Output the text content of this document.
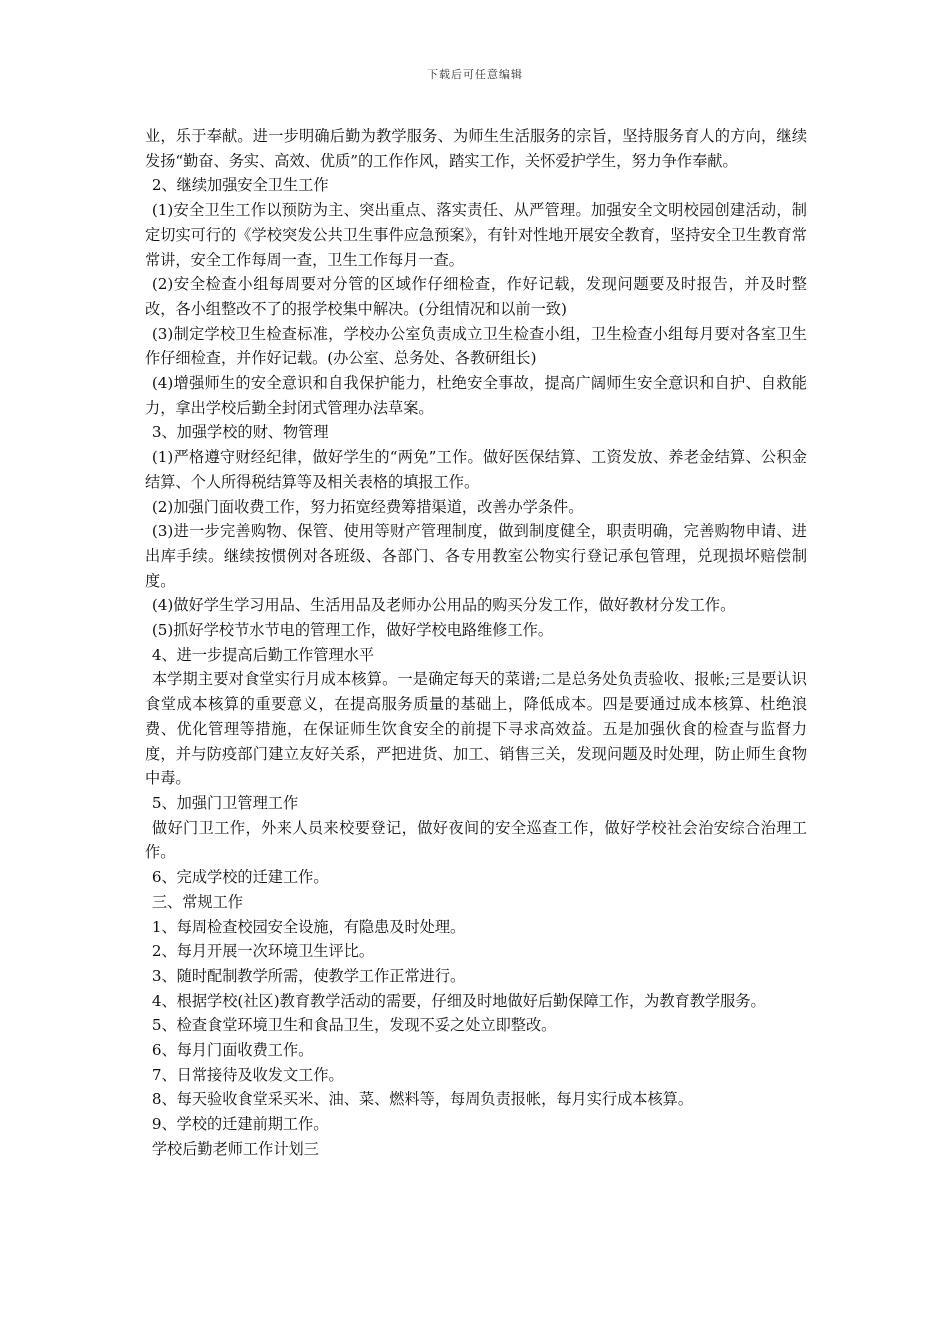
下载后可任意编辑

业，乐于奉献。进一步明确后勤为教学服务、为师生生活服务的宗旨，坚持服务育人的方向，继续发扬“勤奋、务实、高效、优质”的工作作风，踏实工作，关怀爱护学生，努力争作奉献。

2、继续加强安全卫生工作

(1)安全卫生工作以预防为主、突出重点、落实责任、从严管理。加强安全文明校园创建活动，制定切实可行的《学校突发公共卫生事件应急预案》，有针对性地开展安全教育，坚持安全卫生教育常常讲，安全工作每周一查，卫生工作每月一查。

(2)安全检查小组每周要对分管的区域作仔细检查，作好记载，发现问题要及时报告，并及时整改，各小组整改不了的报学校集中解决。(分组情况和以前一致)

(3)制定学校卫生检查标准，学校办公室负责成立卫生检查小组，卫生检查小组每月要对各室卫生作仔细检查，并作好记载。(办公室、总务处、各教研组长)

(4)增强师生的安全意识和自我保护能力，杜绝安全事故，提高广阔师生安全意识和自护、自救能力，拿出学校后勤全封闭式管理办法草案。

3、加强学校的财、物管理

(1)严格遵守财经纪律，做好学生的“两免”工作。做好医保结算、工资发放、养老金结算、公积金结算、个人所得税结算等及相关表格的填报工作。

(2)加强门面收费工作，努力拓宽经费筹措渠道，改善办学条件。

(3)进一步完善购物、保管、使用等财产管理制度，做到制度健全，职责明确，完善购物申请、进出库手续。继续按惯例对各班级、各部门、各专用教室公物实行登记承包管理，兑现损坏赔偿制度。

(4)做好学生学习用品、生活用品及老师办公用品的购买分发工作，做好教材分发工作。

(5)抓好学校节水节电的管理工作，做好学校电路维修工作。

4、进一步提高后勤工作管理水平

本学期主要对食堂实行月成本核算。一是确定每天的菜谱;二是总务处负责验收、报帐;三是要认识食堂成本核算的重要意义，在提高服务质量的基础上，降低成本。四是要通过成本核算、杜绝浪费、优化管理等措施，在保证师生饮食安全的前提下寻求高效益。五是加强伙食的检查与监督力度，并与防疫部门建立友好关系，严把进货、加工、销售三关，发现问题及时处理，防止师生食物中毒。

5、加强门卫管理工作

做好门卫工作，外来人员来校要登记，做好夜间的安全巡查工作，做好学校社会治安综合治理工作。

6、完成学校的迁建工作。

三、常规工作

1、每周检查校园安全设施，有隐患及时处理。

2、每月开展一次环境卫生评比。

3、随时配制教学所需，使教学工作正常进行。

4、根据学校(社区)教育教学活动的需要，仔细及时地做好后勤保障工作，为教育教学服务。

5、检查食堂环境卫生和食品卫生，发现不妥之处立即整改。

6、每月门面收费工作。

7、日常接待及收发文工作。

8、每天验收食堂采买米、油、菜、燃料等，每周负责报帐，每月实行成本核算。

9、学校的迁建前期工作。

学校后勤老师工作计划三
